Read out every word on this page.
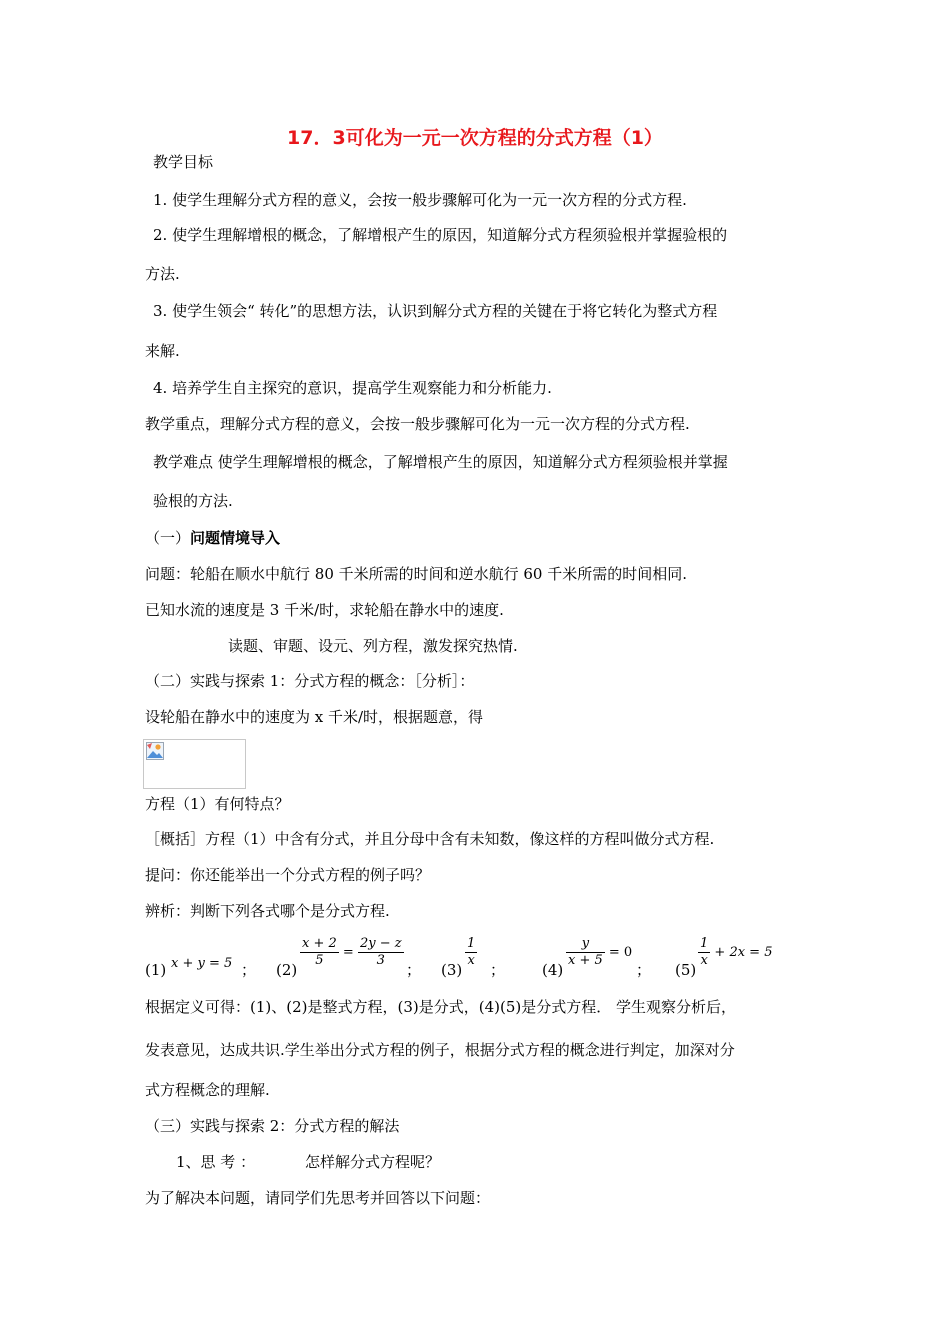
17．3可化为一元一次方程的分式方程（1）
教学目标
1. 使学生理解分式方程的意义，会按一般步骤解可化为一元一次方程的分式方程.
2. 使学生理解增根的概念，了解增根产生的原因，知道解分式方程须验根并掌握验根的
方法.
3. 使学生领会“ 转化”的思想方法，认识到解分式方程的关键在于将它转化为整式方程
来解.
4. 培养学生自主探究的意识，提高学生观察能力和分析能力.
教学重点，理解分式方程的意义，会按一般步骤解可化为一元一次方程的分式方程.
教学难点 使学生理解增根的概念，了解增根产生的原因，知道解分式方程须验根并掌握
验根的方法.
（一）问题情境导入
问题：轮船在顺水中航行 80 千米所需的时间和逆水航行 60 千米所需的时间相同.
已知水流的速度是 3 千米/时，求轮船在静水中的速度.
读题、审题、设元、列方程，激发探究热情.
（二）实践与探索 1：分式方程的概念：［分析］：
设轮船在静水中的速度为 x 千米/时，根据题意，得
方程（1）有何特点？
［概括］方程（1）中含有分式，并且分母中含有未知数，像这样的方程叫做分式方程.
提问：你还能举出一个分式方程的例子吗？
辨析：判断下列各式哪个是分式方程.
(1) x + y = 5 ； (2)
$\frac{x + 2}{5} = \frac{2y - z}{3}$
； (3)
$\frac{1}{x}$
； (4)
$\frac{y}{x + 5} = 0$
； (5)
$\frac{1}{x} + 2x = 5$
根据定义可得：(1)、(2)是整式方程，(3)是分式，(4)(5)是分式方程． 学生观察分析后，
发表意见，达成共识.学生举出分式方程的例子，根据分式方程的概念进行判定，加深对分
式方程概念的理解.
（三）实践与探索 2：分式方程的解法
1、思 考 ：	怎样解分式方程呢？
为了解决本问题，请同学们先思考并回答以下问题：
